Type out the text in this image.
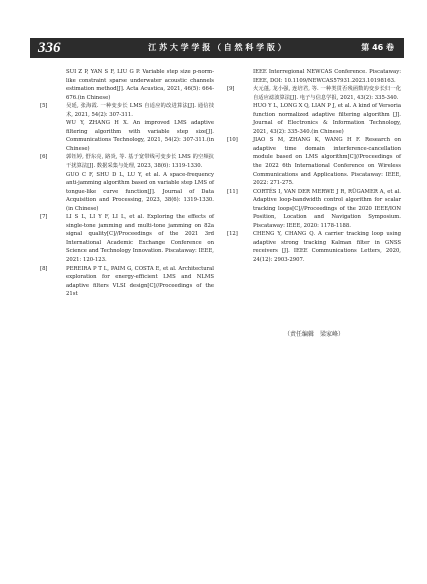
336	江 苏 大 学 学 报 （ 自 然 科 学 版 ）	第 46 卷
SUI Z P, YAN S F, LIU G P. Variable step size p-norm-like constraint sparse underwater acoustic channels estimation method[J]. Acta Acustica, 2021, 46(5): 664-676.(in Chinese)
[5]	吴延, 张海霞. 一种变步长 LMS 自适应的改进算法[J]. 通信技术, 2021, 54(2): 307-311.
WU Y, ZHANG H X. An improved LMS adaptive filtering algorithm with variable step size[J]. Communications Technology, 2021, 54(2): 307-311.(in Chinese)
[6]	郭钰婷, 舒东亮, 路炎, 等. 基于宽带线可变步长 LMS 的空频抗干扰算法[J]. 数据采集与处理, 2023, 38(6): 1319-1330.
GUO C F, SHU D L, LU Y, et al. A space-frequency anti-jamming algorithm based on variable step LMS of tongue-like curve function[J]. Journal of Data Acquisition and Processing, 2023, 38(6): 1319-1330.(in Chinese)
[7]	LI S L, LI Y F, LI L, et al. Exploring the effects of single-tone jamming and multi-tone jamming on 82a signal quality[C]//Proceedings of the 2021 3rd International Academic Exchange Conference on Science and Technology Innovation. Piscataway: IEEE, 2021: 120-123.
[8]	PEREIRA P T L, PAIM G, COSTA E, et al. Architectural exploration for energy-efficient LMS and NLMS adaptive filters VLSI design[C]//Proceedings of the 21st
IEEE Interregional NEWCAS Conference. Piscataway: IEEE, DOI: 10.1109/NEWCAS57931.2023.10198163.
[9]	火元蓬, 龙小强, 连培君, 等. 一种类贯否残函数的变步长归一化自适应滤波算法[J]. 电子与信息学报, 2021, 43(2): 335-340.
HUO Y L, LONG X Q, LIAN P J, et al. A kind of Versoria function normalized adaptive filtering algorithm [J]. Journal of Electronics & Information Technology, 2021, 43(2): 335-340.(in Chinese)
[10]	JIAO S M, ZHANG K, WANG H F. Research on adaptive time domain interference-cancellation module based on LMS algorithm[C]//Proceedings of the 2022 6th International Conference on Wireless Communications and Applications. Piscataway: IEEE, 2022: 271-275.
[11]	CORTÉS I, VAN DER MERWE J R, RÜGAMER A, et al. Adaptive loop-bandwidth control algorithm for scalar tracking loops[C]//Proceedings of the 2020 IEEE/ION Position, Location and Navigation Symposium. Piscataway: IEEE, 2020: 1178-1188.
[12]	CHENG Y, CHANG Q. A carrier tracking loop using adaptive strong tracking Kalman filter in GNSS receivers [J]. IEEE Communications Letters, 2020, 24(12): 2903-2907.
（责任编辑　梁家峰）
